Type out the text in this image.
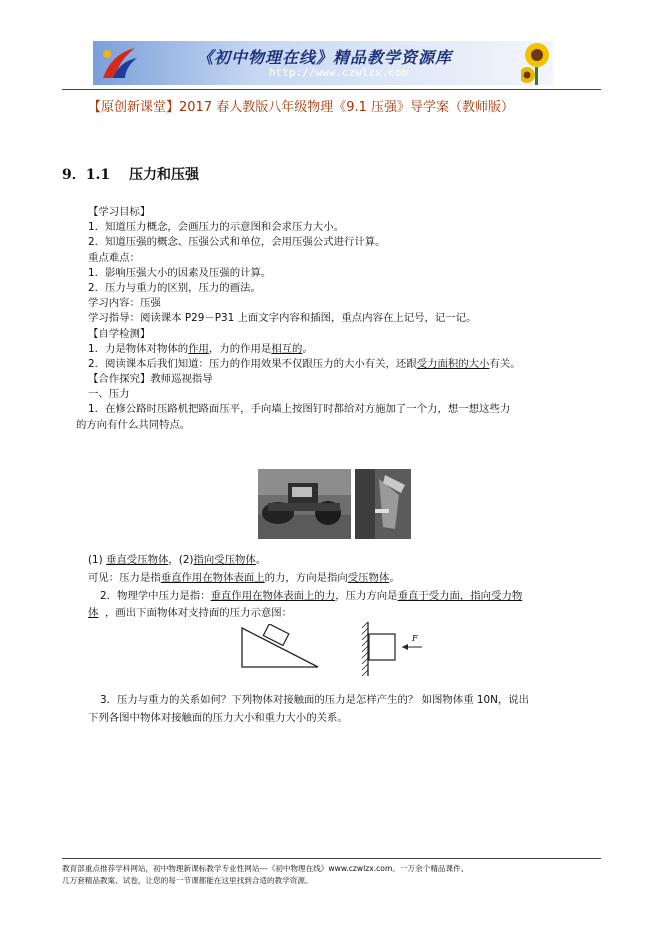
《初中物理在线》精品教学资源库
http://www.czwlzx.com
【原创新课堂】2017 春人教版八年级物理《9.1 压强》导学案（教师版）
9．1.1 压力和压强
【学习目标】
1．知道压力概念，会画压力的示意图和会求压力大小。
2．知道压强的概念、压强公式和单位，会用压强公式进行计算。
重点难点：
1．影响压强大小的因素及压强的计算。
2．压力与重力的区别，压力的画法。
学习内容：压强
学习指导：阅读课本 P29－P31 上面文字内容和插图，重点内容在上记号，记一记。
【自学检测】
1．力是物体对物体的作用，力的作用是相互的。
2．阅读课本后我们知道：压力的作用效果不仅跟压力的大小有关，还跟受力面积的大小有关。
【合作探究】教师巡视指导
一、压力
1．在修公路时压路机把路面压平，手向墙上按图钉时都给对方施加了一个力，想一想这些力
的方向有什么共同特点。
(1) 垂直受压物体，(2)指向受压物体。
可见：压力是指垂直作用在物体表面上的力，方向是指向受压物体。
2．物理学中压力是指：垂直作用在物体表面上的力，压力方向是垂直于受力面，指向受力物
体 ，画出下面物体对支持面的压力示意图：
F
3．压力与重力的关系如何？下列物体对接触面的压力是怎样产生的？ 如图物体重 10N，说出
下列各图中物体对接触面的压力大小和重力大小的关系。
教育部重点推荐学科网站，初中物理新课标教学专业性网站---《初中物理在线》www.czwlzx.com。一万余个精品课件、
几万套精品教案、试卷，让您的每一节课都能在这里找到合适的教学资源。
